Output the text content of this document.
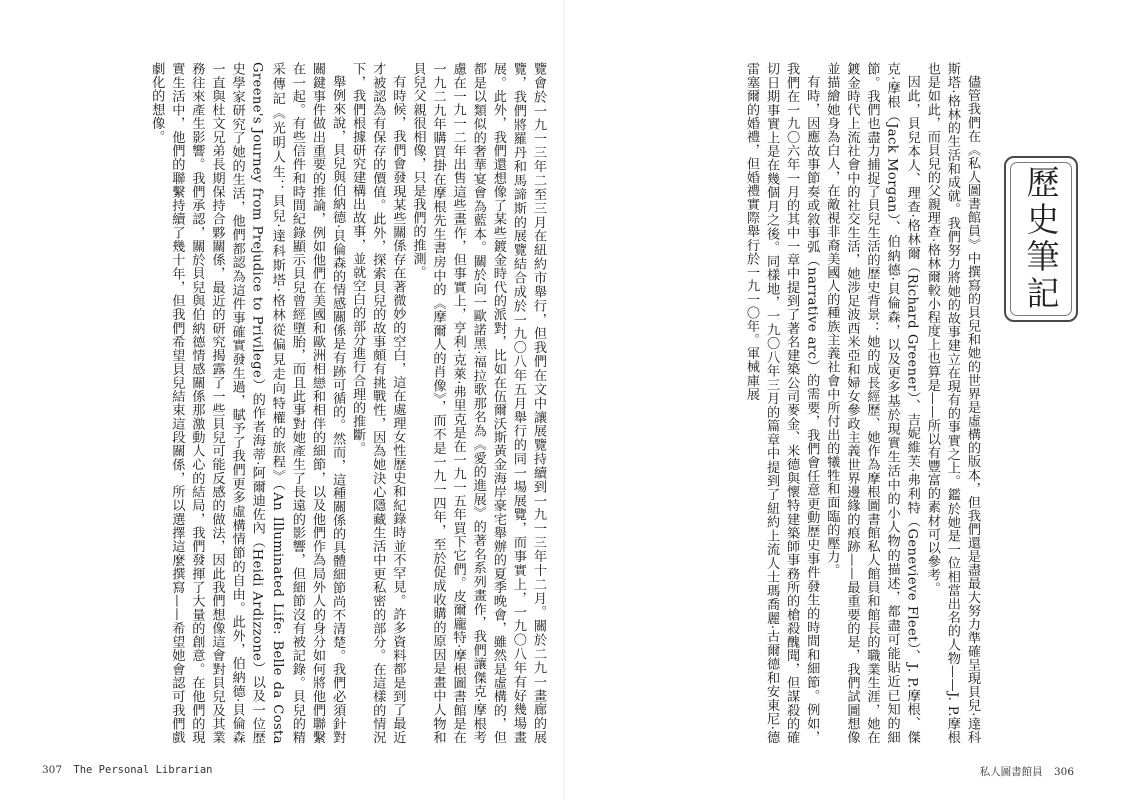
覽會於一九一三年二至三月在紐約市舉行，但我們在文中讓展覽持續到一九一三年十二月。關於二九一畫廊的展覽，我們將羅丹和馬諦斯的展覽結合成於一九〇八年五月舉行的同一場展覽，而事實上，一九〇八年有好幾場畫展。此外，我們還想像了某些鍍金時代的派對，比如在伍爾沃斯黃金海岸豪宅舉辦的夏季晚會，雖然是虛構的，但都是以類似的奢華宴會為藍本。關於向一歐諾黑‧福拉歌那名為《愛的進展》的著名系列畫作，我們讓傑克‧摩根考慮在一九一二年出售這些畫作，但事實上，亨利‧克萊‧弗里克是在一九一五年買下它們。皮爾龐特‧摩根圖書館是在一九二九年購買掛在摩根先生書房中的《摩爾人的肖像》，而不是一九一四年，至於促成收購的原因是畫中人物和貝兒父親很相像，只是我們的推測。

有時候，我們會發現某些關係存在著微妙的空白，這在處理女性歷史和紀錄時並不罕見。許多資料都是到了最近才被認為有保存的價值。此外，探索貝兒的故事頗有挑戰性，因為她決心隱藏生活中更私密的部分。在這樣的情況下，我們根據研究建構出故事，並就空白的部分進行合理的推斷。

舉例來說，貝兒與伯納德‧貝倫森的情感關係是有跡可循的。然而，這種關係的具體細節尚不清楚。我們必須針對關鍵事件做出重要的推論，例如他們在美國和歐洲相戀和相伴的細節，以及他們作為局外人的身分如何將他們聯繫在一起。有些信件和時間紀錄顯示貝兒曾經墮胎，而且此事對她產生了長遠的影響，但細節沒有被記錄。貝兒的精采傳記《光明人生：貝兒‧達科斯塔‧格林從偏見走向特權的旅程》（An Illuminated Life: Belle da Costa Greene's Journey from Prejudice to Privilege）的作者海蒂‧阿爾迪佐內（Heidi Ardizzone）以及一位歷史學家研究了她的生活，他們都認為這件事確實發生過，賦予了我們更多虛構情節的自由。此外，伯納德‧貝倫森一直與杜文兄弟長期保持合夥關係，最近的研究揭露了一些貝兒可能反感的做法，因此我們想像這會對貝兒及其業務往來產生影響。我們承認，關於貝兒與伯納德情感關係那激動人心的結局，我們發揮了大量的創意。在他們的現實生活中，他們的聯繫持續了幾十年，但我們希望貝兒結束這段關係，所以選擇這麼撰寫——希望她會認可我們戲劇化的想像。

307 The Personal Librarian
歷史筆記

儘管我們在《私人圖書館員》中撰寫的貝兒和她的世界是虛構的版本，但我們還是盡最大努力準確呈現貝兒‧達科斯塔‧格林的生活和成就。我們努力將她的故事建立在現有的事實之上。鑑於她是一位相當出名的人物——J. P.摩根也是如此，而貝兒的父親理查‧格林爾較小程度上也算是——所以有豐富的素材可以參考。

因此，貝兒本人、理查‧格林爾（Richard Greener）、吉妮維芙‧弗利特（Genevieve Fleet）、J. P.摩根、傑克‧摩根（Jack Morgan）、伯納德‧貝倫森，以及更多基於現實生活中的小人物的描述，都盡可能貼近已知的細節。我們也盡力捕捉了貝兒生活的歷史背景：她的成長經歷、她作為摩根圖書館私人館員和館長的職業生涯，她在鍍金時代上流社會中的社交生活，她涉足波西米亞和婦女參政主義世界邊緣的痕跡——最重要的是，我們試圖想像並描繪她身為白人，在敵視非裔美國人的種族主義社會中所付出的犧牲和面臨的壓力。

有時，因應故事節奏或敘事弧（narrative arc）的需要，我們會任意更動歷史事件發生的時間和細節。例如，我們在一九〇六年一月的其中一章中提到了著名建築公司麥金、米德與懷特建築師事務所的槍殺醜聞，但謀殺的確切日期事實上是在幾個月之後。同樣地，一九〇八年三月的篇章中提到了紐約上流人士瑪喬麗‧古爾德和安東尼‧德雷塞爾的婚禮，但婚禮實際舉行於一九一〇年。軍械庫展

私人圖書館員 306
